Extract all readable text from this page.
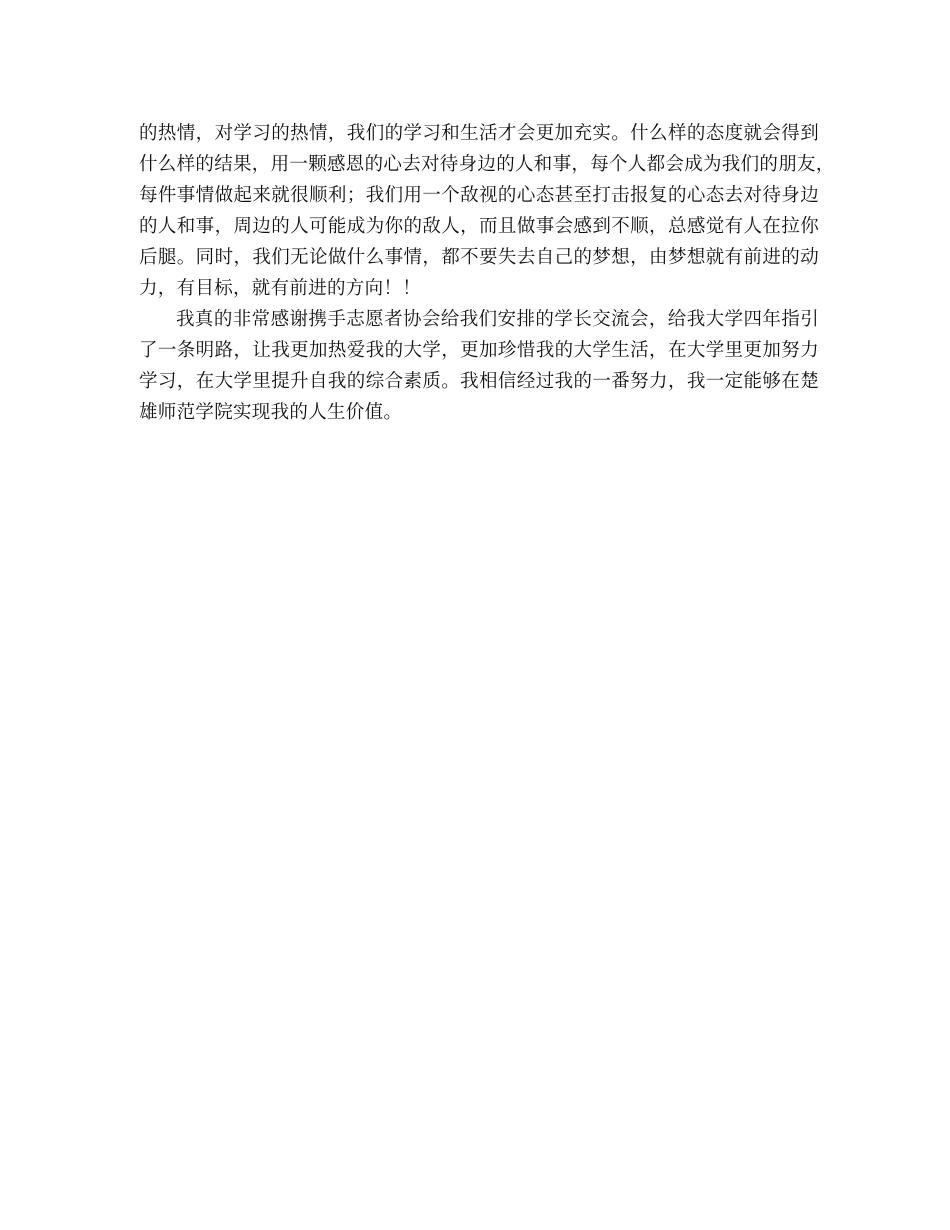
的热情，对学习的热情，我们的学习和生活才会更加充实。什么样的态度就会得到
什么样的结果，用一颗感恩的心去对待身边的人和事，每个人都会成为我们的朋友，
每件事情做起来就很顺利；我们用一个敌视的心态甚至打击报复的心态去对待身边
的人和事，周边的人可能成为你的敌人，而且做事会感到不顺，总感觉有人在拉你
后腿。同时，我们无论做什么事情，都不要失去自己的梦想，由梦想就有前进的动
力，有目标，就有前进的方向！！
我真的非常感谢携手志愿者协会给我们安排的学长交流会，给我大学四年指引
了一条明路，让我更加热爱我的大学，更加珍惜我的大学生活，在大学里更加努力
学习，在大学里提升自我的综合素质。我相信经过我的一番努力，我一定能够在楚
雄师范学院实现我的人生价值。
